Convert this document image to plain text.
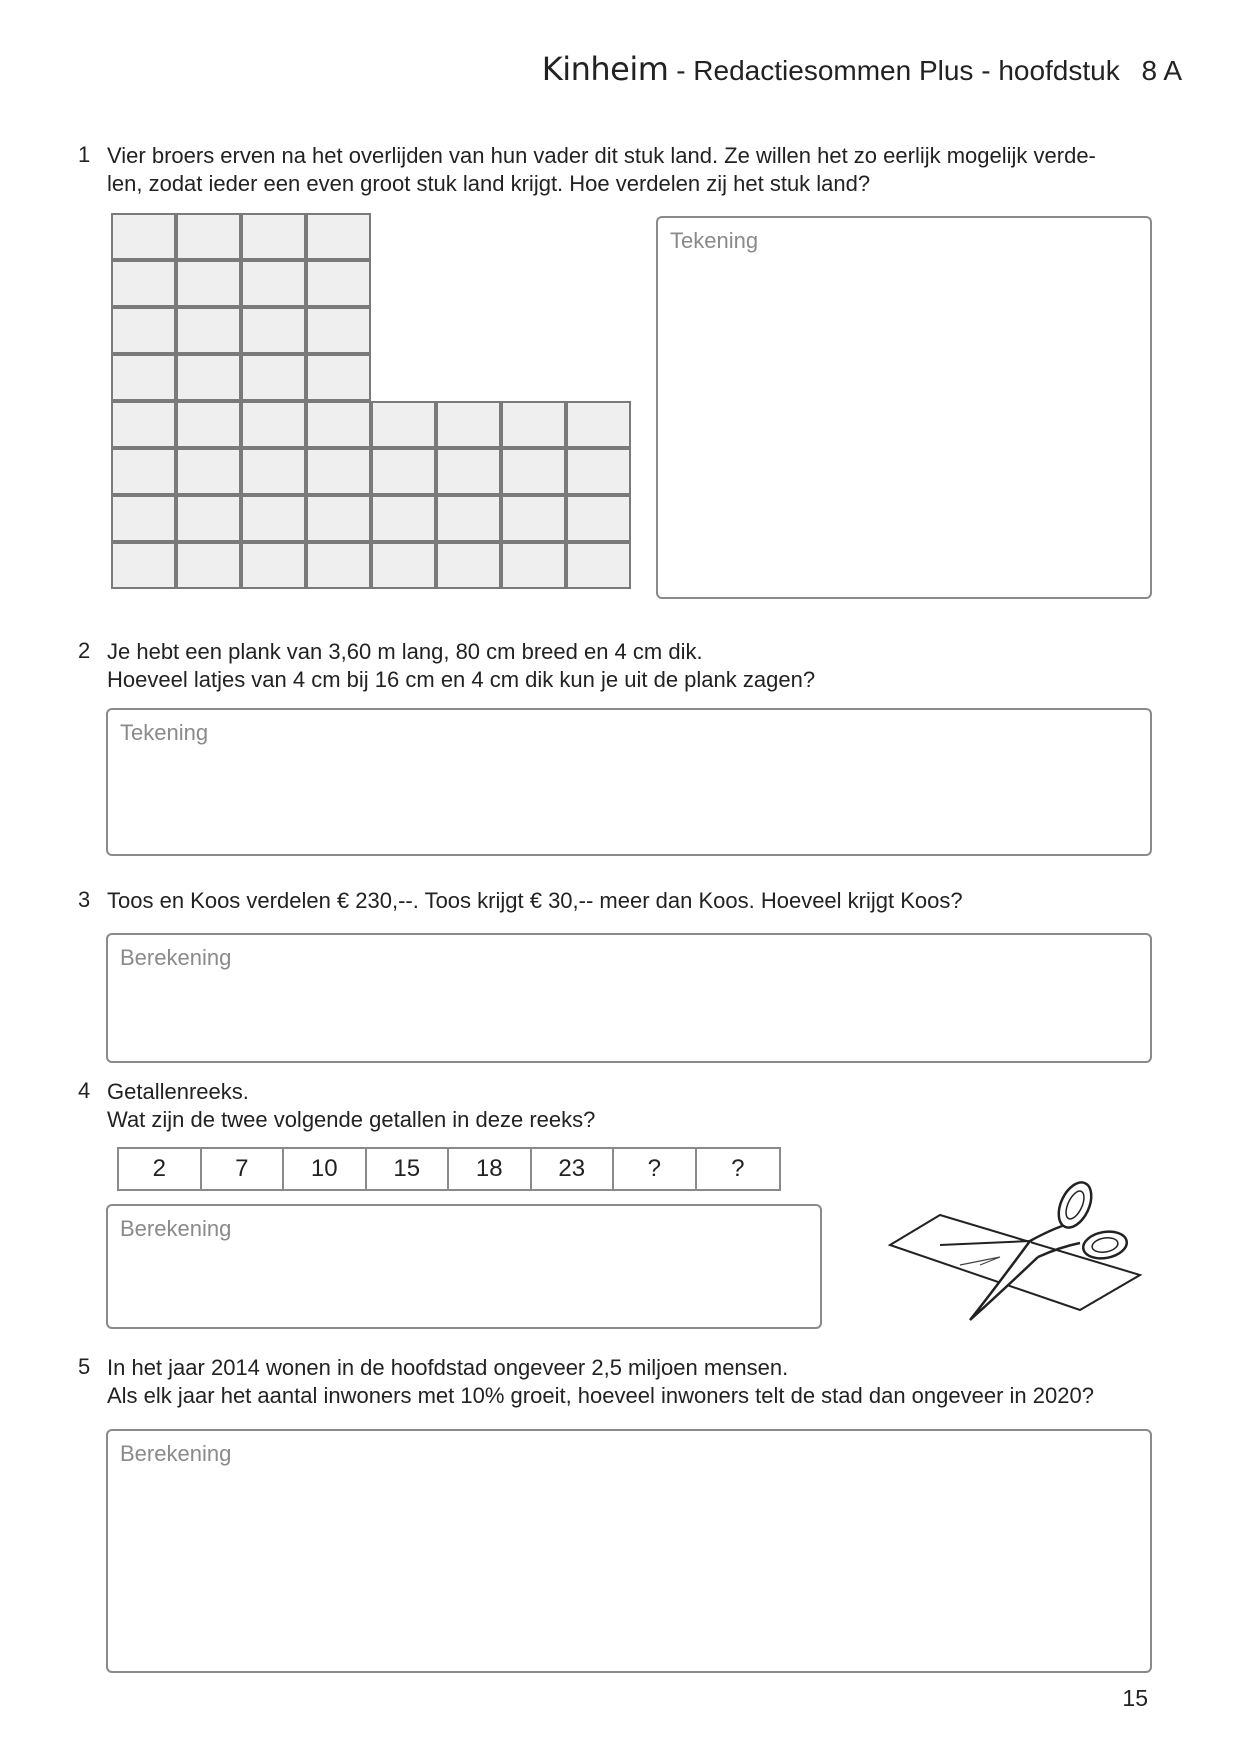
Kinheim - Redactiesommen Plus - hoofdstuk 8 A
1 Vier broers erven na het overlijden van hun vader dit stuk land. Ze willen het zo eerlijk mogelijk verde-
len, zodat ieder een even groot stuk land krijgt. Hoe verdelen zij het stuk land?
Tekening
2 Je hebt een plank van 3,60 m lang, 80 cm breed en 4 cm dik.
Hoeveel latjes van 4 cm bij 16 cm en 4 cm dik kun je uit de plank zagen?
Tekening
3 Toos en Koos verdelen € 230,--. Toos krijgt € 30,-- meer dan Koos. Hoeveel krijgt Koos?
Berekening
4 Getallenreeks.
Wat zijn de twee volgende getallen in deze reeks?
2	7	10	15	18	23	?	?
Berekening
5 In het jaar 2014 wonen in de hoofdstad ongeveer 2,5 miljoen mensen.
Als elk jaar het aantal inwoners met 10% groeit, hoeveel inwoners telt de stad dan ongeveer in 2020?
Berekening
15
